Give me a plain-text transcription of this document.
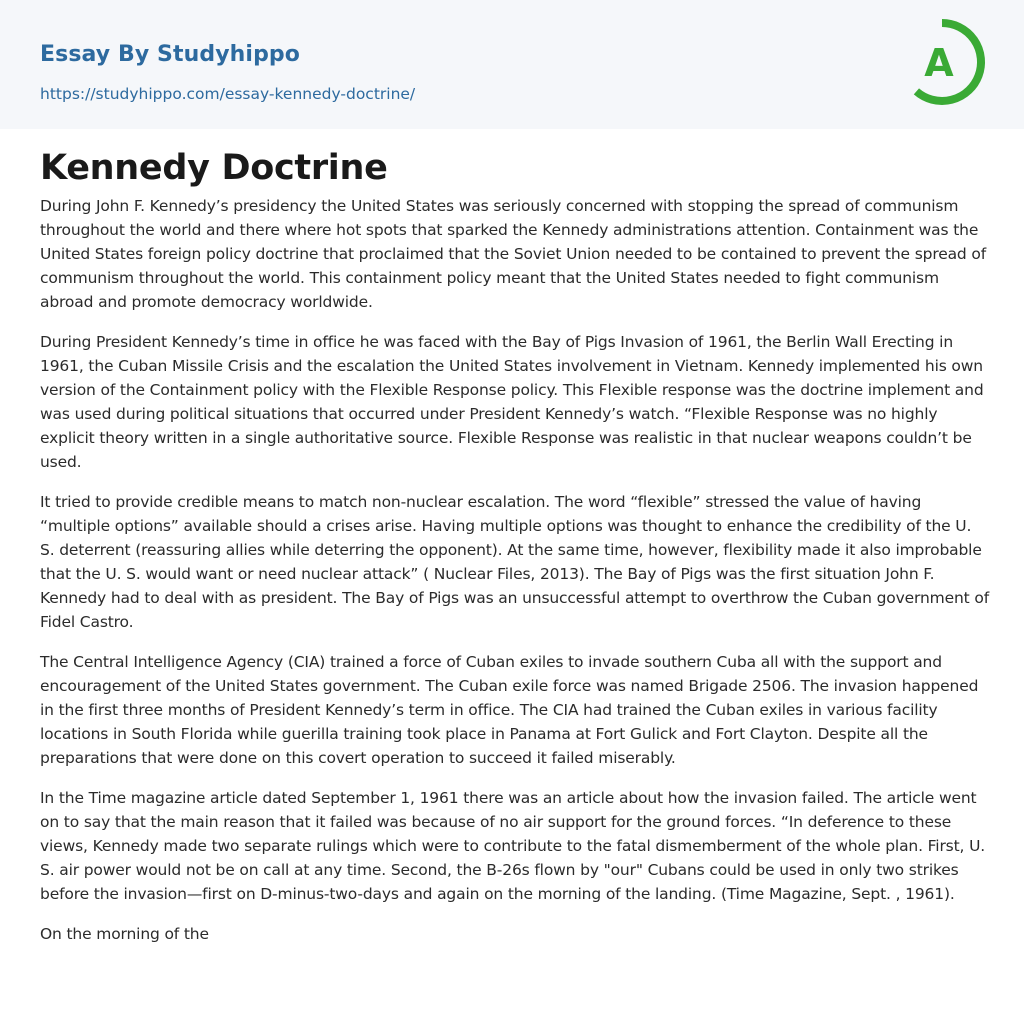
Essay By Studyhippo
https://studyhippo.com/essay-kennedy-doctrine/
A
Kennedy Doctrine

During John F. Kennedy’s presidency the United States was seriously concerned with stopping the spread of communism throughout the world and there where hot spots that sparked the Kennedy administrations attention. Containment was the United States foreign policy doctrine that proclaimed that the Soviet Union needed to be contained to prevent the spread of communism throughout the world. This containment policy meant that the United States needed to fight communism abroad and promote democracy worldwide.

During President Kennedy’s time in office he was faced with the Bay of Pigs Invasion of 1961, the Berlin Wall Erecting in 1961, the Cuban Missile Crisis and the escalation the United States involvement in Vietnam. Kennedy implemented his own version of the Containment policy with the Flexible Response policy. This Flexible response was the doctrine implement and was used during political situations that occurred under President Kennedy’s watch. “Flexible Response was no highly explicit theory written in a single authoritative source. Flexible Response was realistic in that nuclear weapons couldn’t be used.

It tried to provide credible means to match non-nuclear escalation. The word “flexible” stressed the value of having “multiple options” available should a crises arise. Having multiple options was thought to enhance the credibility of the U. S. deterrent (reassuring allies while deterring the opponent). At the same time, however, flexibility made it also improbable that the U. S. would want or need nuclear attack” ( Nuclear Files, 2013). The Bay of Pigs was the first situation John F. Kennedy had to deal with as president. The Bay of Pigs was an unsuccessful attempt to overthrow the Cuban government of Fidel Castro.

The Central Intelligence Agency (CIA) trained a force of Cuban exiles to invade southern Cuba all with the support and encouragement of the United States government. The Cuban exile force was named Brigade 2506. The invasion happened in the first three months of President Kennedy’s term in office. The CIA had trained the Cuban exiles in various facility locations in South Florida while guerilla training took place in Panama at Fort Gulick and Fort Clayton. Despite all the preparations that were done on this covert operation to succeed it failed miserably.

In the Time magazine article dated September 1, 1961 there was an article about how the invasion failed. The article went on to say that the main reason that it failed was because of no air support for the ground forces. “In deference to these views, Kennedy made two separate rulings which were to contribute to the fatal dismemberment of the whole plan. First, U. S. air power would not be on call at any time. Second, the B-26s flown by "our" Cubans could be used in only two strikes before the invasion—first on D-minus-two-days and again on the morning of the landing. (Time Magazine, Sept. , 1961).

On the morning of the
